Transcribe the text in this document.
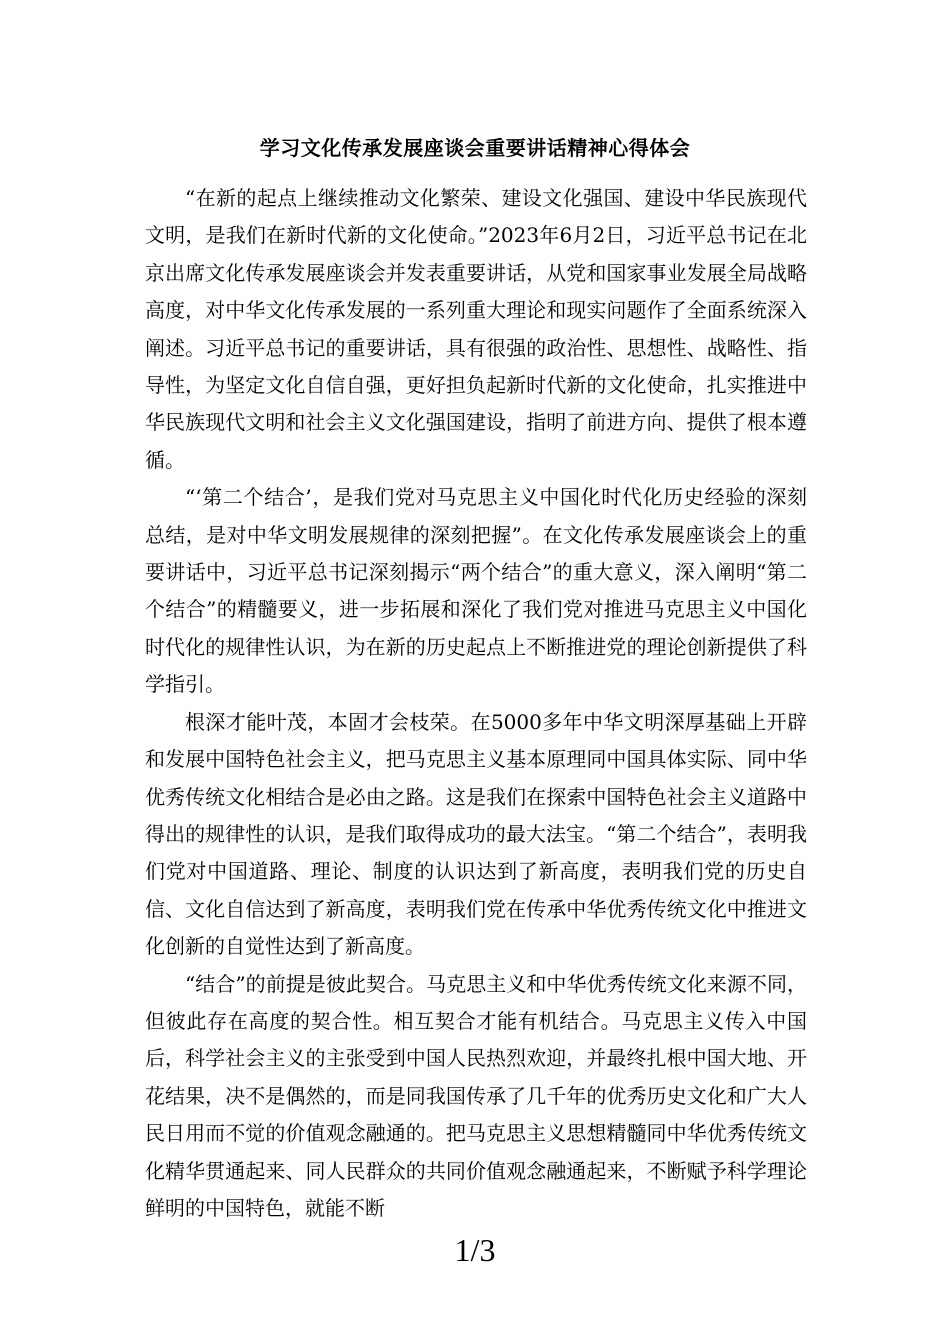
学习文化传承发展座谈会重要讲话精神心得体会

“在新的起点上继续推动文化繁荣、建设文化强国、建设中华民族现代文明，是我们在新时代新的文化使命。”2023年6月2日，习近平总书记在北京出席文化传承发展座谈会并发表重要讲话，从党和国家事业发展全局战略高度，对中华文化传承发展的一系列重大理论和现实问题作了全面系统深入阐述。习近平总书记的重要讲话，具有很强的政治性、思想性、战略性、指导性，为坚定文化自信自强，更好担负起新时代新的文化使命，扎实推进中华民族现代文明和社会主义文化强国建设，指明了前进方向、提供了根本遵循。

“‘第二个结合’，是我们党对马克思主义中国化时代化历史经验的深刻总结，是对中华文明发展规律的深刻把握”。在文化传承发展座谈会上的重要讲话中，习近平总书记深刻揭示“两个结合”的重大意义，深入阐明“第二个结合”的精髓要义，进一步拓展和深化了我们党对推进马克思主义中国化时代化的规律性认识，为在新的历史起点上不断推进党的理论创新提供了科学指引。

根深才能叶茂，本固才会枝荣。在5000多年中华文明深厚基础上开辟和发展中国特色社会主义，把马克思主义基本原理同中国具体实际、同中华优秀传统文化相结合是必由之路。这是我们在探索中国特色社会主义道路中得出的规律性的认识，是我们取得成功的最大法宝。“第二个结合”，表明我们党对中国道路、理论、制度的认识达到了新高度，表明我们党的历史自信、文化自信达到了新高度，表明我们党在传承中华优秀传统文化中推进文化创新的自觉性达到了新高度。

“结合”的前提是彼此契合。马克思主义和中华优秀传统文化来源不同，但彼此存在高度的契合性。相互契合才能有机结合。马克思主义传入中国后，科学社会主义的主张受到中国人民热烈欢迎，并最终扎根中国大地、开花结果，决不是偶然的，而是同我国传承了几千年的优秀历史文化和广大人民日用而不觉的价值观念融通的。把马克思主义思想精髓同中华优秀传统文化精华贯通起来、同人民群众的共同价值观念融通起来，不断赋予科学理论鲜明的中国特色，就能不断

1/3
